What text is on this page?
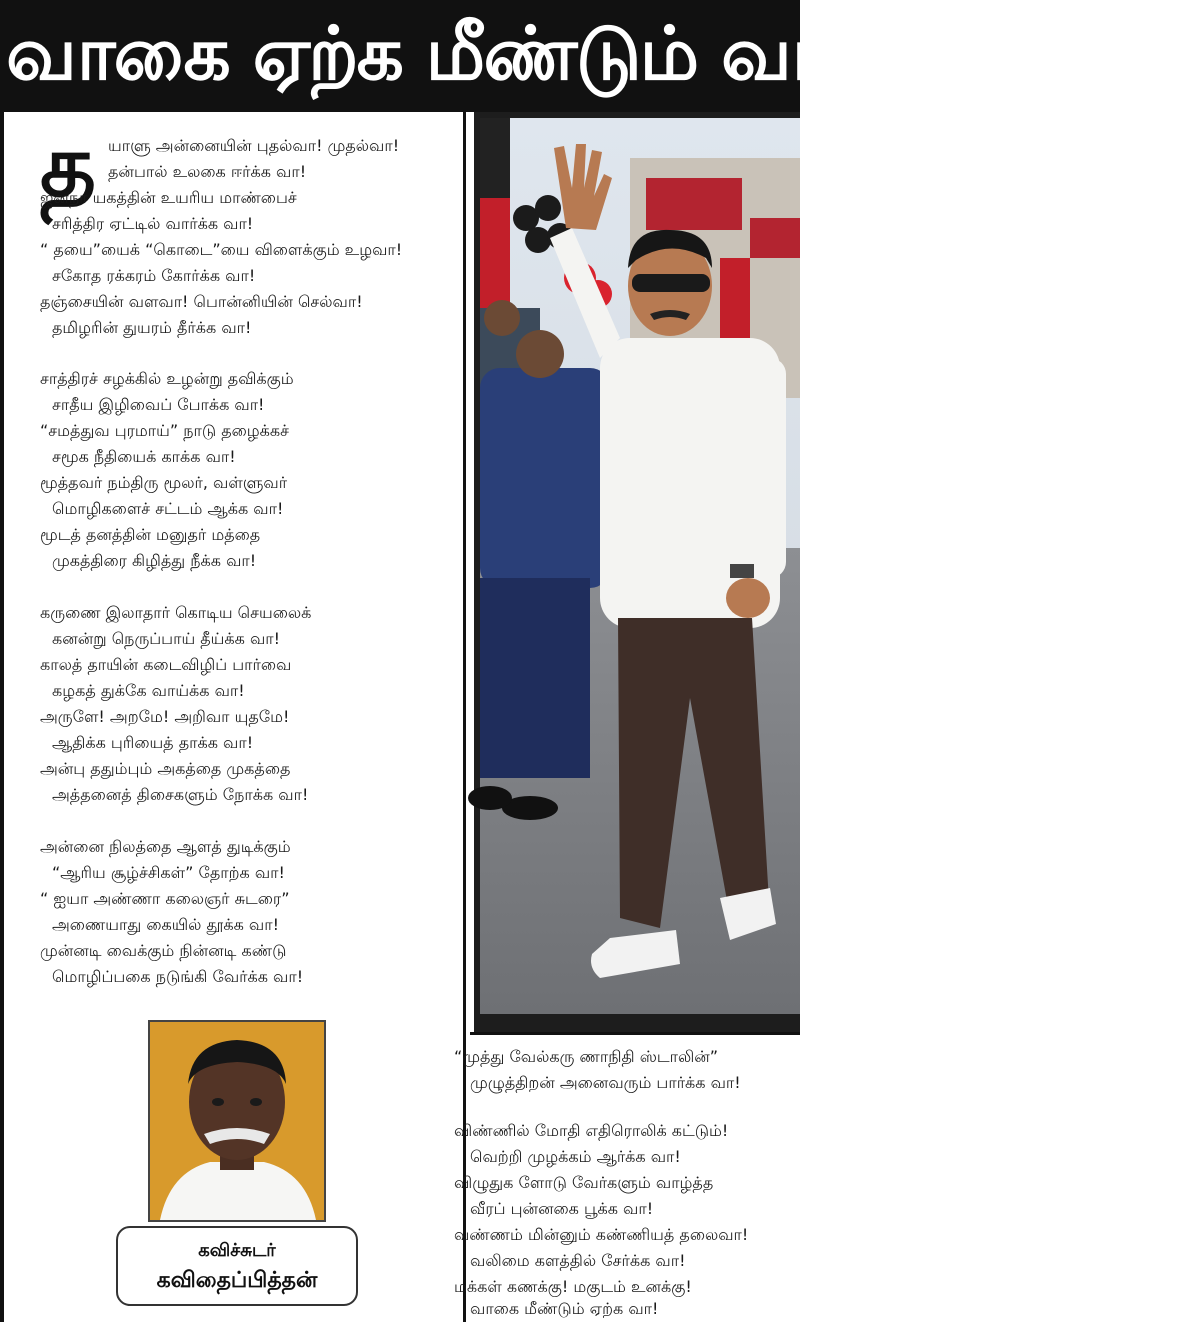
வாகை ஏற்க மீண்டும் வா! தலைவா!
த யாளு அன்னையின் புதல்வா! முதல்வா!
தன்பால் உலகை ஈர்க்க வா!
ஜனநா யகத்தின் உயரிய மாண்பைச்
சரித்திர ஏட்டில் வார்க்க வா!
“ தயை”யைக் “கொடை”யை விளைக்கும் உழவா!
சகோத ரக்கரம் கோர்க்க வா!
தஞ்சையின் வளவா! பொன்னியின் செல்வா!
தமிழரின் துயரம் தீர்க்க வா!
சாத்திரச் சழக்கில் உழன்று தவிக்கும்
சாதீய இழிவைப் போக்க வா!
“சமத்துவ புரமாய்” நாடு தழைக்கச்
சமூக நீதியைக் காக்க வா!
மூத்தவர் நம்திரு மூலர், வள்ளுவர்
மொழிகளைச் சட்டம் ஆக்க வா!
மூடத் தனத்தின் மனுதர் மத்தை
முகத்திரை கிழித்து நீக்க வா!
கருணை இலாதார் கொடிய செயலைக்
கனன்று நெருப்பாய் தீய்க்க வா!
காலத் தாயின் கடைவிழிப் பார்வை
கழகத் துக்கே வாய்க்க வா!
அருளே! அறமே! அறிவா யுதமே!
ஆதிக்க புரியைத் தாக்க வா!
அன்பு ததும்பும் அகத்தை முகத்தை
அத்தனைத் திசைகளும் நோக்க வா!
அன்னை நிலத்தை ஆளத் துடிக்கும்
“ஆரிய சூழ்ச்சிகள்” தோற்க வா!
“ ஐயா அண்ணா கலைஞர் சுடரை”
அணையாது கையில் தூக்க வா!
முன்னடி வைக்கும் நின்னடி கண்டு
மொழிப்பகை நடுங்கி வேர்க்க வா!
“முத்து வேல்கரு ணாநிதி ஸ்டாலின்”
முழுத்திறன் அனைவரும் பார்க்க வா!
விண்ணில் மோதி எதிரொலிக் கட்டும்!
வெற்றி முழக்கம் ஆர்க்க வா!
விழுதுக ளோடு வேர்களும் வாழ்த்த
வீரப் புன்னகை பூக்க வா!
வண்ணம் மின்னும் கண்ணியத் தலைவா!
வலிமை களத்தில் சேர்க்க வா!
மக்கள் கணக்கு! மகுடம் உனக்கு!
வாகை மீண்டும் ஏற்க வா!
கவிச்சுடர்
கவிதைப்பித்தன்
